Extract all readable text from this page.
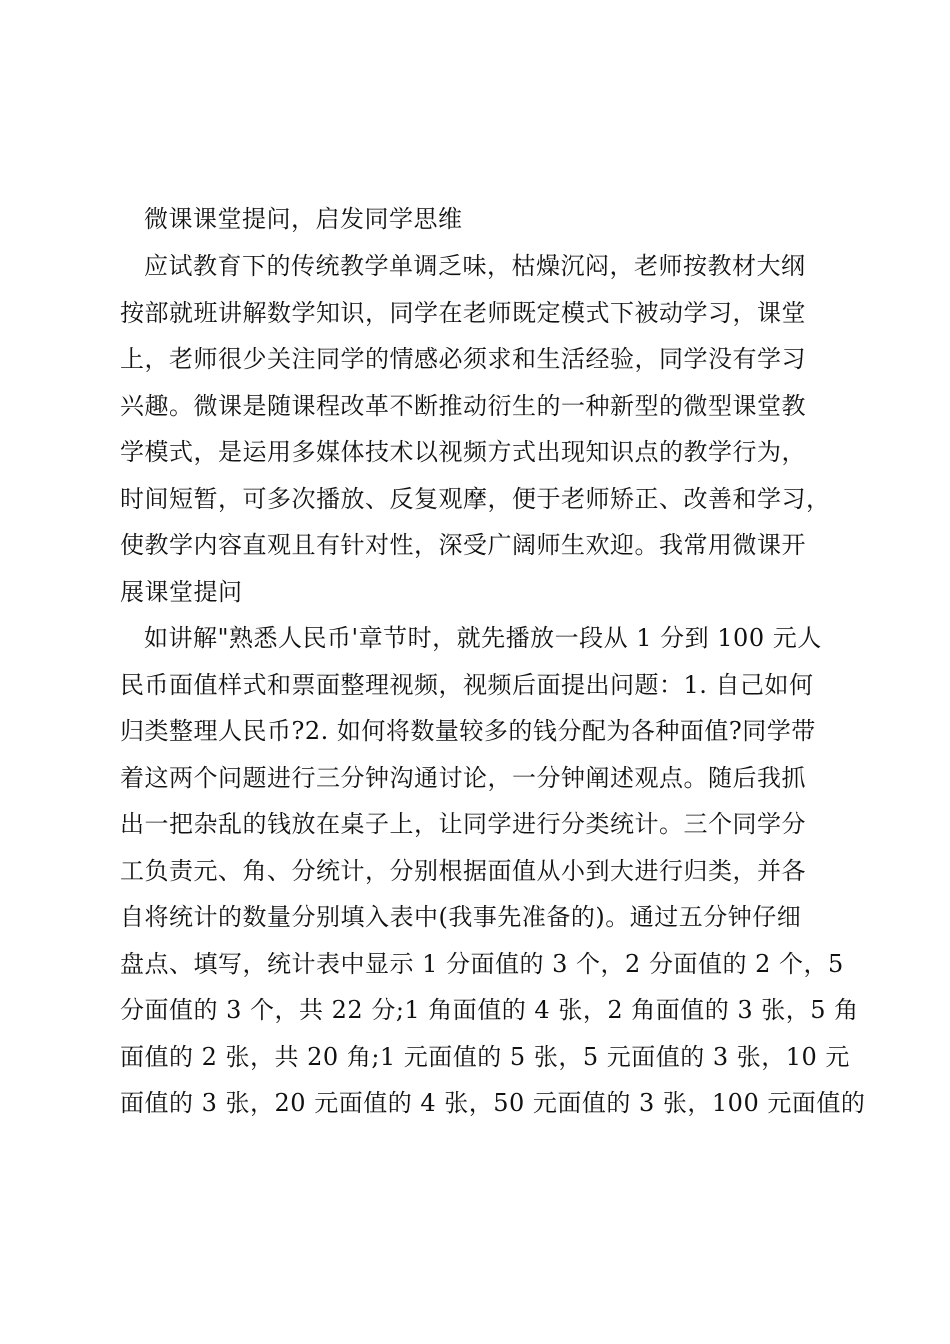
微课课堂提问，启发同学思维
应试教育下的传统教学单调乏味，枯燥沉闷，老师按教材大纲
按部就班讲解数学知识，同学在老师既定模式下被动学习，课堂
上，老师很少关注同学的情感必须求和生活经验，同学没有学习
兴趣。微课是随课程改革不断推动衍生的一种新型的微型课堂教
学模式，是运用多媒体技术以视频方式出现知识点的教学行为，
时间短暂，可多次播放、反复观摩，便于老师矫正、改善和学习，
使教学内容直观且有针对性，深受广阔师生欢迎。我常用微课开
展课堂提问
如讲解"熟悉人民币'章节时，就先播放一段从 1 分到 100 元人
民币面值样式和票面整理视频，视频后面提出问题：1. 自己如何
归类整理人民币?2. 如何将数量较多的钱分配为各种面值?同学带
着这两个问题进行三分钟沟通讨论，一分钟阐述观点。随后我抓
出一把杂乱的钱放在桌子上，让同学进行分类统计。三个同学分
工负责元、角、分统计，分别根据面值从小到大进行归类，并各
自将统计的数量分别填入表中(我事先准备的)。通过五分钟仔细
盘点、填写，统计表中显示 1 分面值的 3 个，2 分面值的 2 个，5
分面值的 3 个，共 22 分;1 角面值的 4 张，2 角面值的 3 张，5 角
面值的 2 张，共 20 角;1 元面值的 5 张，5 元面值的 3 张，10 元
面值的 3 张，20 元面值的 4 张，50 元面值的 3 张，100 元面值的
